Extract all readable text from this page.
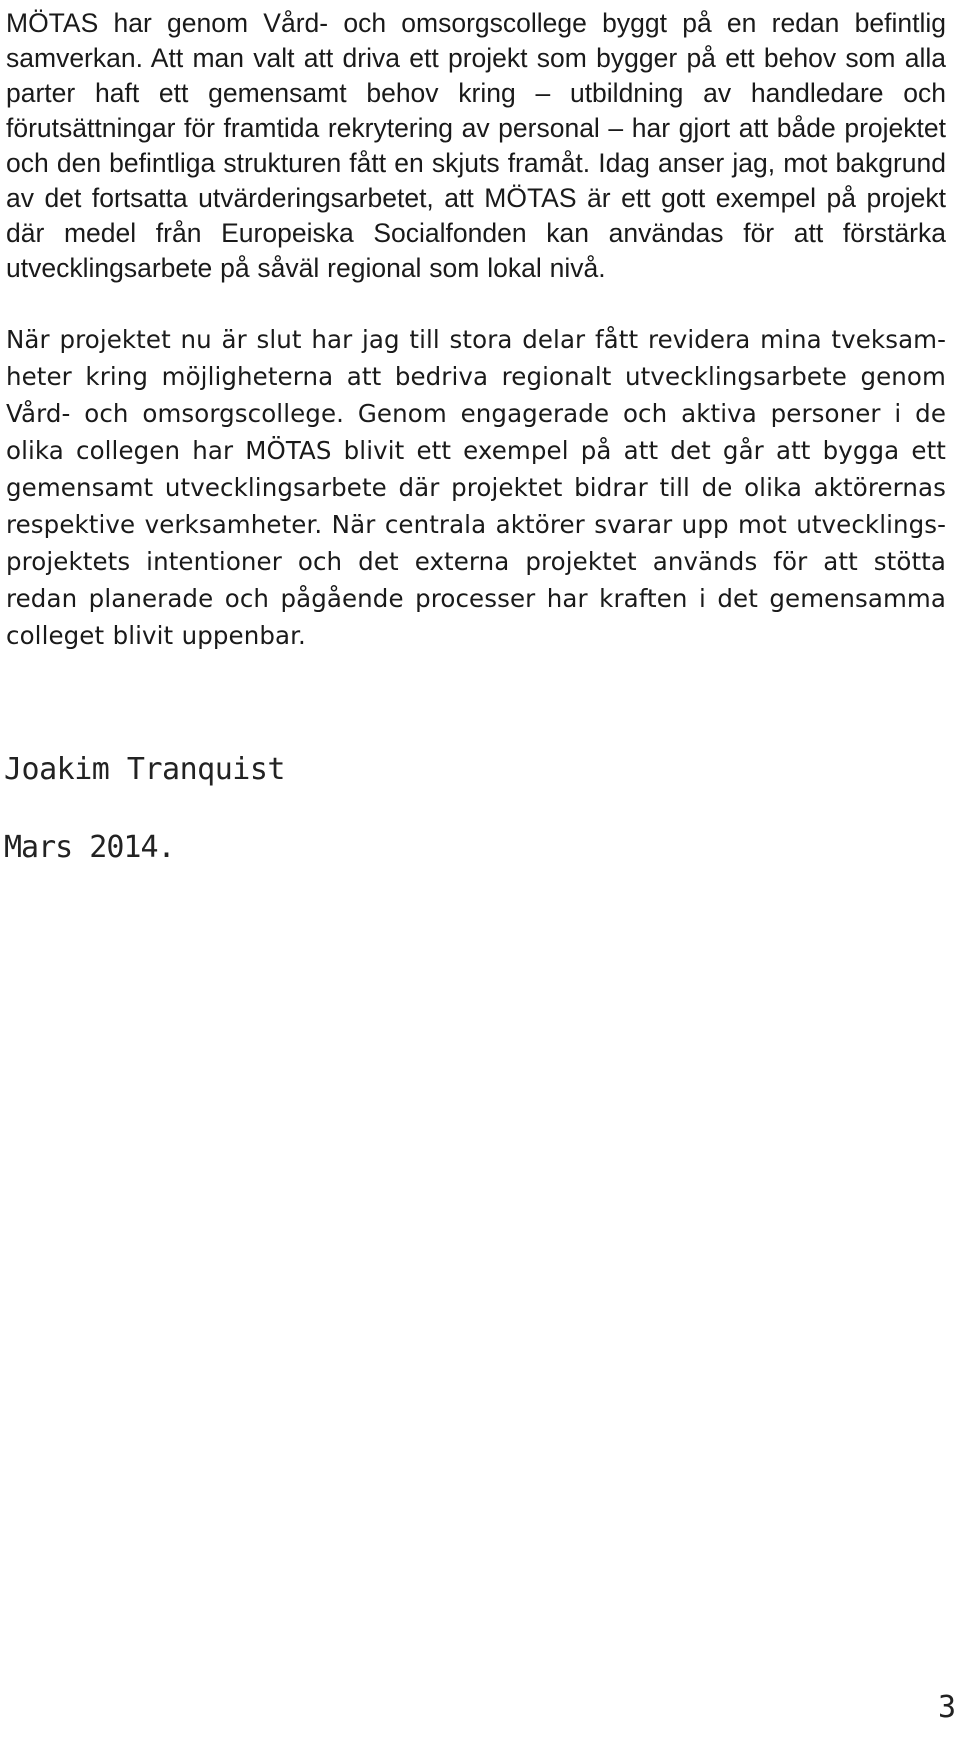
MÖTAS har genom Vård- och omsorgscollege byggt på en redan befintlig samverkan. Att man valt att driva ett projekt som bygger på ett behov som alla parter haft ett gemensamt behov kring – utbildning av handledare och förutsättningar för framtida rekrytering av personal – har gjort att både projektet och den befintliga strukturen fått en skjuts framåt. Idag anser jag, mot bakgrund av det fortsatta utvärderingsarbetet, att MÖTAS är ett gott exempel på projekt där medel från Europeiska Socialfonden kan användas för att förstärka utvecklingsarbete på såväl regional som lokal nivå.

När projektet nu är slut har jag till stora delar fått revidera mina tveksamheter kring möjligheterna att bedriva regionalt utvecklingsarbete genom Vård- och omsorgscollege. Genom engagerade och aktiva personer i de olika collegen har MÖTAS blivit ett exempel på att det går att bygga ett gemensamt utvecklingsarbete där projektet bidrar till de olika aktörernas respektive verksamheter. När centrala aktörer svarar upp mot utvecklingsprojektets intentioner och det externa projektet används för att stötta redan planerade och pågående processer har kraften i det gemensamma colleget blivit uppenbar.

Joakim Tranquist

Mars 2014.

3
